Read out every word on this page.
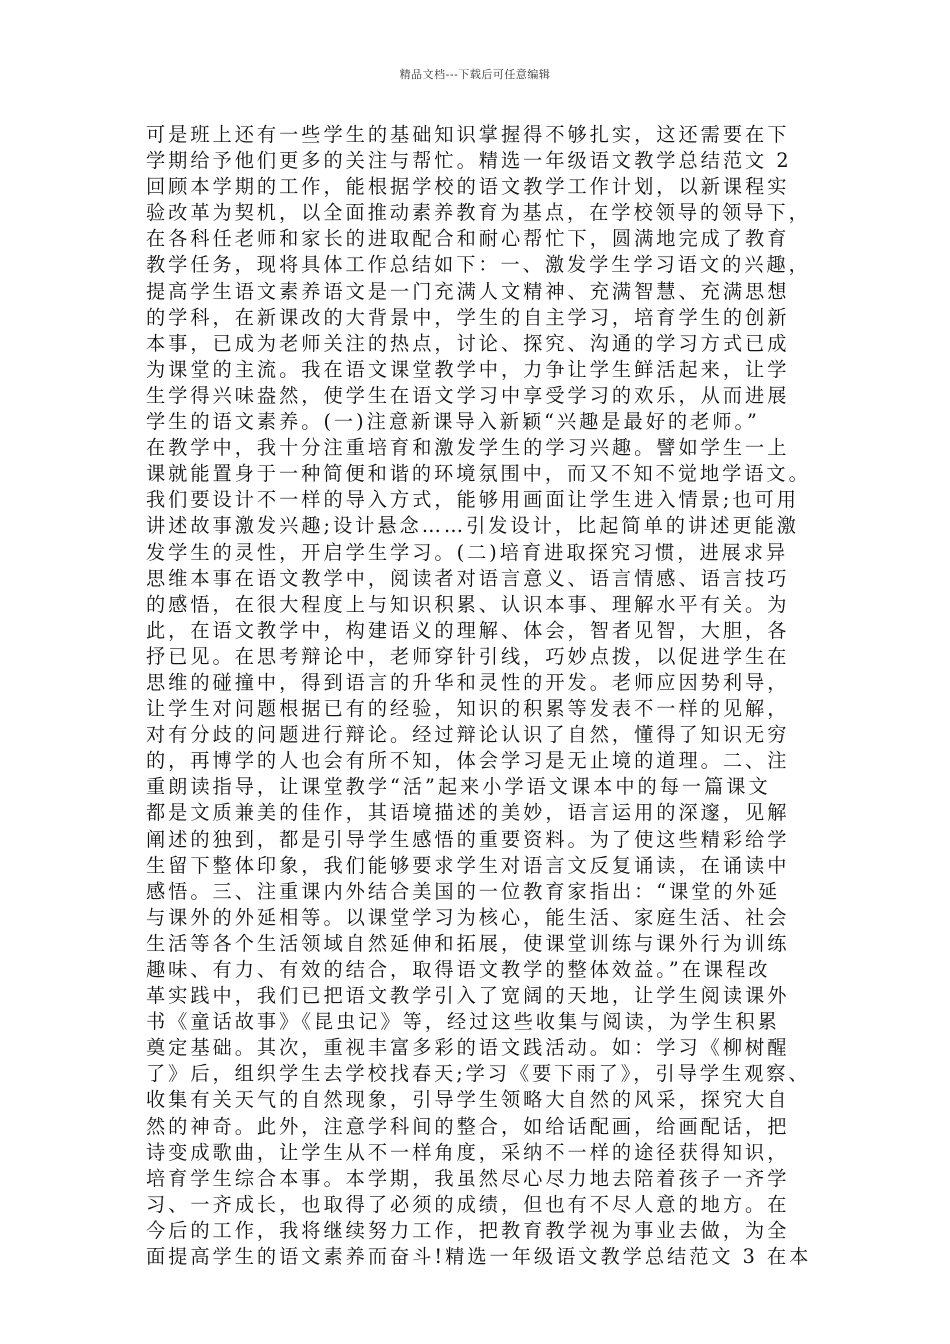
精品文档---下载后可任意编辑
可是班上还有一些学生的基础知识掌握得不够扎实，这还需要在下
学期给予他们更多的关注与帮忙。精选一年级语文教学总结范文 2
回顾本学期的工作，能根据学校的语文教学工作计划，以新课程实
验改革为契机，以全面推动素养教育为基点，在学校领导的领导下，
在各科任老师和家长的进取配合和耐心帮忙下，圆满地完成了教育
教学任务，现将具体工作总结如下：一、激发学生学习语文的兴趣，
提高学生语文素养语文是一门充满人文精神、充满智慧、充满思想
的学科，在新课改的大背景中，学生的自主学习，培育学生的创新
本事，已成为老师关注的热点，讨论、探究、沟通的学习方式已成
为课堂的主流。我在语文课堂教学中，力争让学生鲜活起来，让学
生学得兴味盎然，使学生在语文学习中享受学习的欢乐，从而进展
学生的语文素养。(一)注意新课导入新颖“兴趣是最好的老师。”
在教学中，我十分注重培育和激发学生的学习兴趣。譬如学生一上
课就能置身于一种简便和谐的环境氛围中，而又不知不觉地学语文。
我们要设计不一样的导入方式，能够用画面让学生进入情景;也可用
讲述故事激发兴趣;设计悬念……引发设计，比起简单的讲述更能激
发学生的灵性，开启学生学习。(二)培育进取探究习惯，进展求异
思维本事在语文教学中，阅读者对语言意义、语言情感、语言技巧
的感悟，在很大程度上与知识积累、认识本事、理解水平有关。为
此，在语文教学中，构建语义的理解、体会，智者见智，大胆，各
抒已见。在思考辩论中，老师穿针引线，巧妙点拨，以促进学生在
思维的碰撞中，得到语言的升华和灵性的开发。老师应因势利导，
让学生对问题根据已有的经验，知识的积累等发表不一样的见解，
对有分歧的问题进行辩论。经过辩论认识了自然，懂得了知识无穷
的，再博学的人也会有所不知，体会学习是无止境的道理。二、注
重朗读指导，让课堂教学“活”起来小学语文课本中的每一篇课文
都是文质兼美的佳作，其语境描述的美妙，语言运用的深邃，见解
阐述的独到，都是引导学生感悟的重要资料。为了使这些精彩给学
生留下整体印象，我们能够要求学生对语言文反复诵读，在诵读中
感悟。三、注重课内外结合美国的一位教育家指出：“课堂的外延
与课外的外延相等。以课堂学习为核心，能生活、家庭生活、社会
生活等各个生活领域自然延伸和拓展，使课堂训练与课外行为训练
趣味、有力、有效的结合，取得语文教学的整体效益。”在课程改
革实践中，我们已把语文教学引入了宽阔的天地，让学生阅读课外
书《童话故事》《昆虫记》等，经过这些收集与阅读，为学生积累
奠定基础。其次，重视丰富多彩的语文践活动。如：学习《柳树醒
了》后，组织学生去学校找春天;学习《要下雨了》，引导学生观察、
收集有关天气的自然现象，引导学生领略大自然的风采，探究大自
然的神奇。此外，注意学科间的整合，如给话配画，给画配话，把
诗变成歌曲，让学生从不一样角度，采纳不一样的途径获得知识，
培育学生综合本事。本学期，我虽然尽心尽力地去陪着孩子一齐学
习、一齐成长，也取得了必须的成绩，但也有不尽人意的地方。在
今后的工作，我将继续努力工作，把教育教学视为事业去做，为全
面提高学生的语文素养而奋斗!精选一年级语文教学总结范文 3 在本
